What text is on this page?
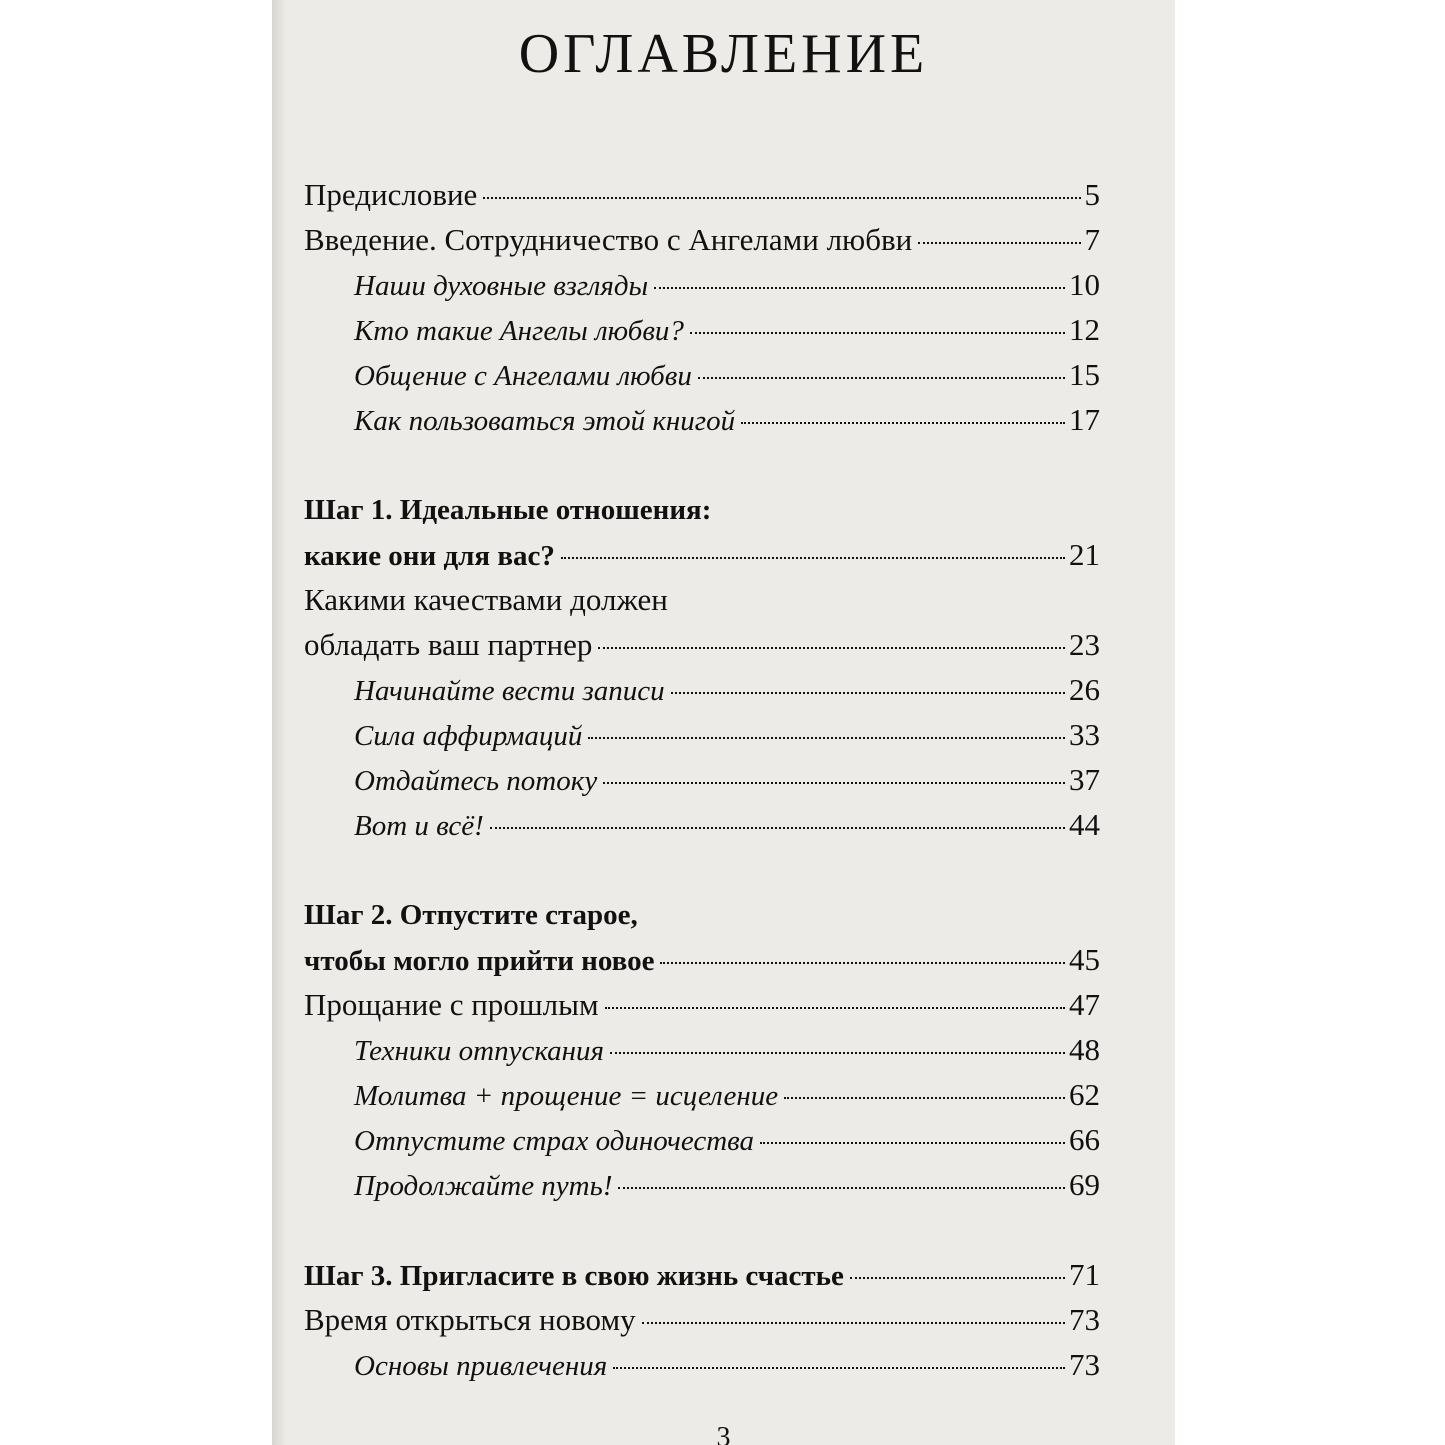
ОГЛАВЛЕНИЕ
Предисловие	5
Введение. Сотрудничество с Ангелами любви	7
Наши духовные взгляды	10
Кто такие Ангелы любви?	12
Общение с Ангелами любви	15
Как пользоваться этой книгой	17
Шаг 1. Идеальные отношения:
какие они для вас?	21
Какими качествами должен
обладать ваш партнер	23
Начинайте вести записи	26
Сила аффирмаций	33
Отдайтесь потоку	37
Вот и всё!	44
Шаг 2. Отпустите старое,
чтобы могло прийти новое	45
Прощание с прошлым	47
Техники отпускания	48
Молитва + прощение = исцеление	62
Отпустите страх одиночества	66
Продолжайте путь!	69
Шаг 3. Пригласите в свою жизнь счастье	71
Время открыться новому	73
Основы привлечения	73
3
